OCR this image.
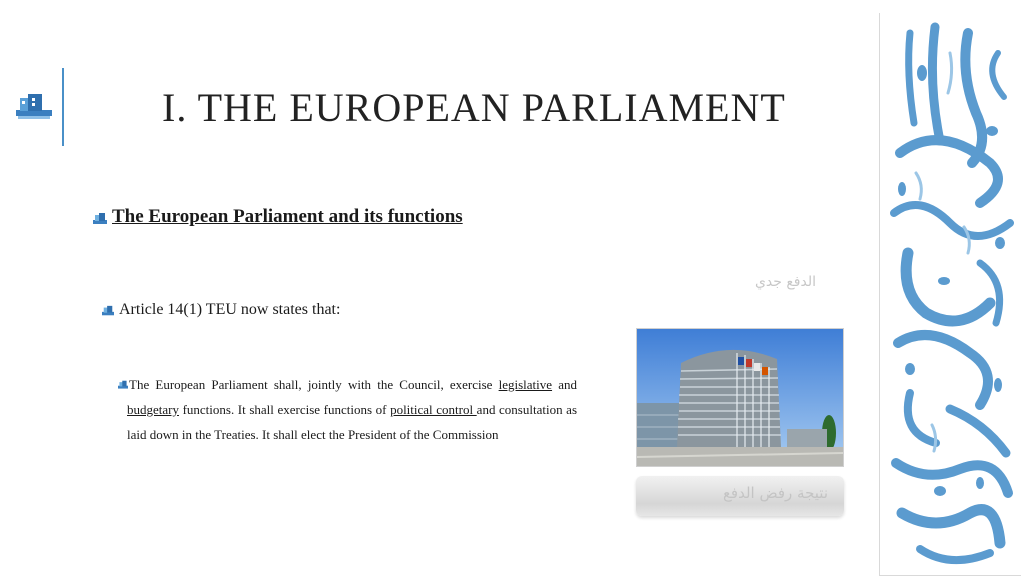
I. THE EUROPEAN PARLIAMENT
The European Parliament and its functions
Article 14(1) TEU now states that:
The European Parliament shall, jointly with the Council, exercise legislative and budgetary functions. It shall exercise functions of political control and consultation as laid down in the Treaties. It shall elect the President of the Commission
الدفع جدي
نتيجة رفض الدفع
